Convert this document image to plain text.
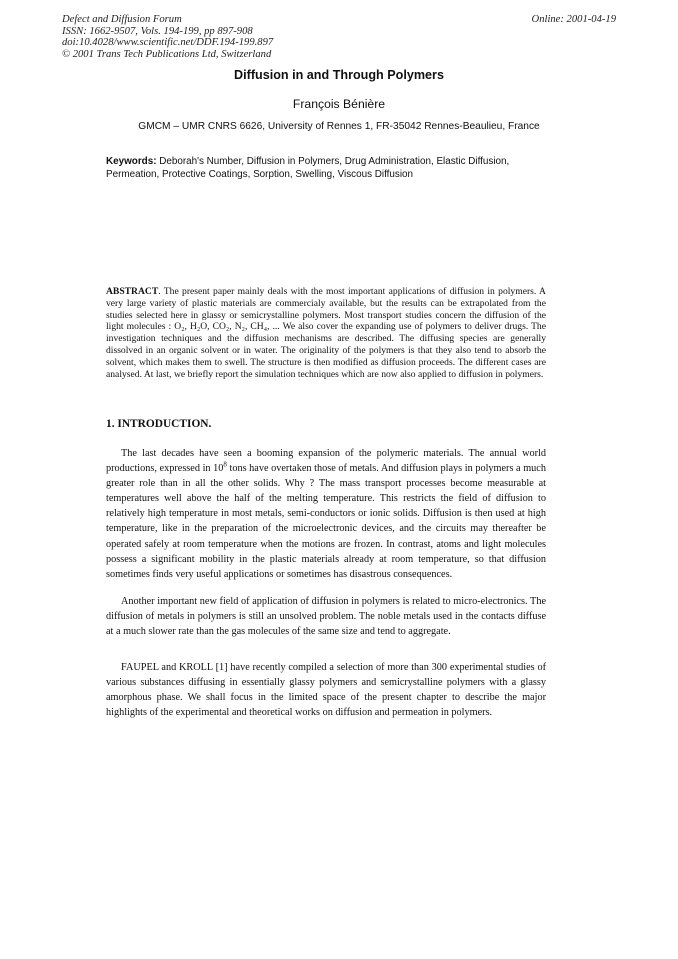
Defect and Diffusion Forum
ISSN: 1662-9507, Vols. 194-199, pp 897-908
doi:10.4028/www.scientific.net/DDF.194-199.897
© 2001 Trans Tech Publications Ltd, Switzerland
Online: 2001-04-19
Diffusion in and Through Polymers
François Bénière
GMCM – UMR CNRS 6626, University of Rennes 1, FR-35042 Rennes-Beaulieu, France
Keywords: Deborah's Number, Diffusion in Polymers, Drug Administration, Elastic Diffusion, Permeation, Protective Coatings, Sorption, Swelling, Viscous Diffusion
ABSTRACT. The present paper mainly deals with the most important applications of diffusion in polymers. A very large variety of plastic materials are commercialy available, but the results can be extrapolated from the studies selected here in glassy or semicrystalline polymers. Most transport studies concern the diffusion of the light molecules : O₂, H₂O, CO₂, N₂, CH₄, ... We also cover the expanding use of polymers to deliver drugs. The investigation techniques and the diffusion mechanisms are described. The diffusing species are generally dissolved in an organic solvent or in water. The originality of the polymers is that they also tend to absorb the solvent, which makes them to swell. The structure is then modified as diffusion proceeds. The different cases are analysed. At last, we briefly report the simulation techniques which are now also applied to diffusion in polymers.
1. INTRODUCTION.
The last decades have seen a booming expansion of the polymeric materials. The annual world productions, expressed in $10^8$ tons have overtaken those of metals. And diffusion plays in polymers a much greater role than in all the other solids. Why ? The mass transport processes become measurable at temperatures well above the half of the melting temperature. This restricts the field of diffusion to relatively high temperature in most metals, semi-conductors or ionic solids. Diffusion is then used at high temperature, like in the preparation of the microelectronic devices, and the circuits may thereafter be operated safely at room temperature when the motions are frozen. In contrast, atoms and light molecules possess a significant mobility in the plastic materials already at room temperature, so that diffusion sometimes finds very useful applications or sometimes has disastrous consequences.
Another important new field of application of diffusion in polymers is related to micro-electronics. The diffusion of metals in polymers is still an unsolved problem. The noble metals used in the contacts diffuse at a much slower rate than the gas molecules of the same size and tend to aggregate.
FAUPEL and KROLL [1] have recently compiled a selection of more than 300 experimental studies of various substances diffusing in essentially glassy polymers and semicrystalline polymers with a glassy amorphous phase. We shall focus in the limited space of the present chapter to describe the major highlights of the experimental and theoretical works on diffusion and permeation in polymers.
